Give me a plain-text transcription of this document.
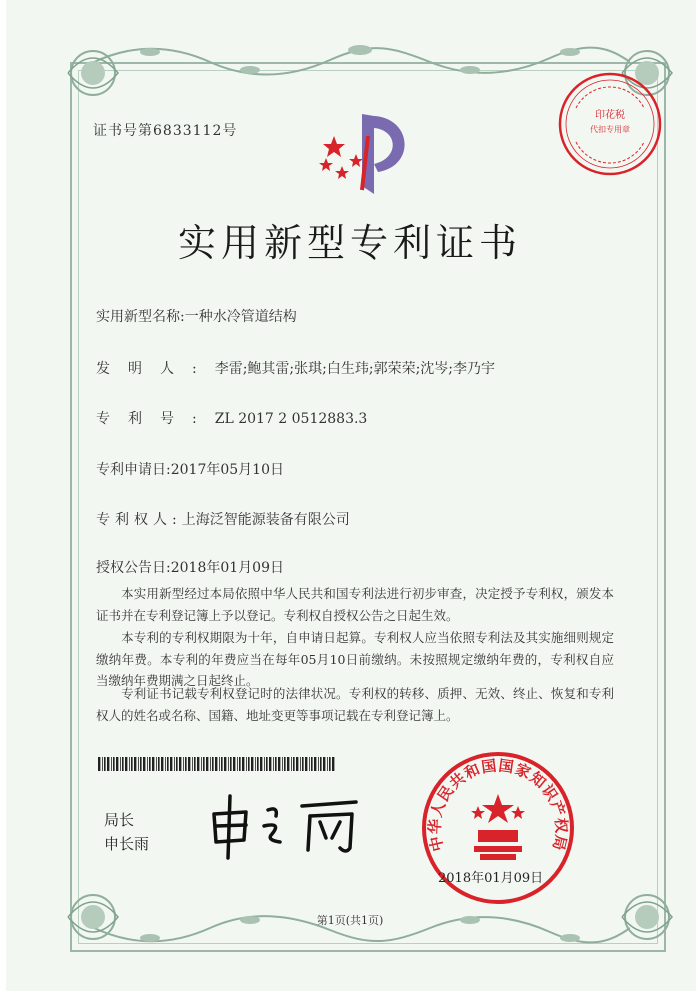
证书号第6833112号
印花税
代扣专用章
实用新型专利证书
实用新型名称:一种水冷管道结构
发明人:李雷;鲍其雷;张琪;白生玮;郭荣荣;沈岑;李乃宇
专利号:ZL 2017 2 0512883.3
专利申请日:2017年05月10日
专利权人:上海泛智能源装备有限公司
授权公告日:2018年01月09日
本实用新型经过本局依照中华人民共和国专利法进行初步审查，决定授予专利权，颁发本证书并在专利登记簿上予以登记。专利权自授权公告之日起生效。
本专利的专利权期限为十年，自申请日起算。专利权人应当依照专利法及其实施细则规定缴纳年费。本专利的年费应当在每年05月10日前缴纳。未按照规定缴纳年费的，专利权自应当缴纳年费期满之日起终止。
专利证书记载专利权登记时的法律状况。专利权的转移、质押、无效、终止、恢复和专利权人的姓名或名称、国籍、地址变更等事项记载在专利登记簿上。
局长
申长雨	中华人民共和国国家知识产权局
2018年01月09日
第1页(共1页)
